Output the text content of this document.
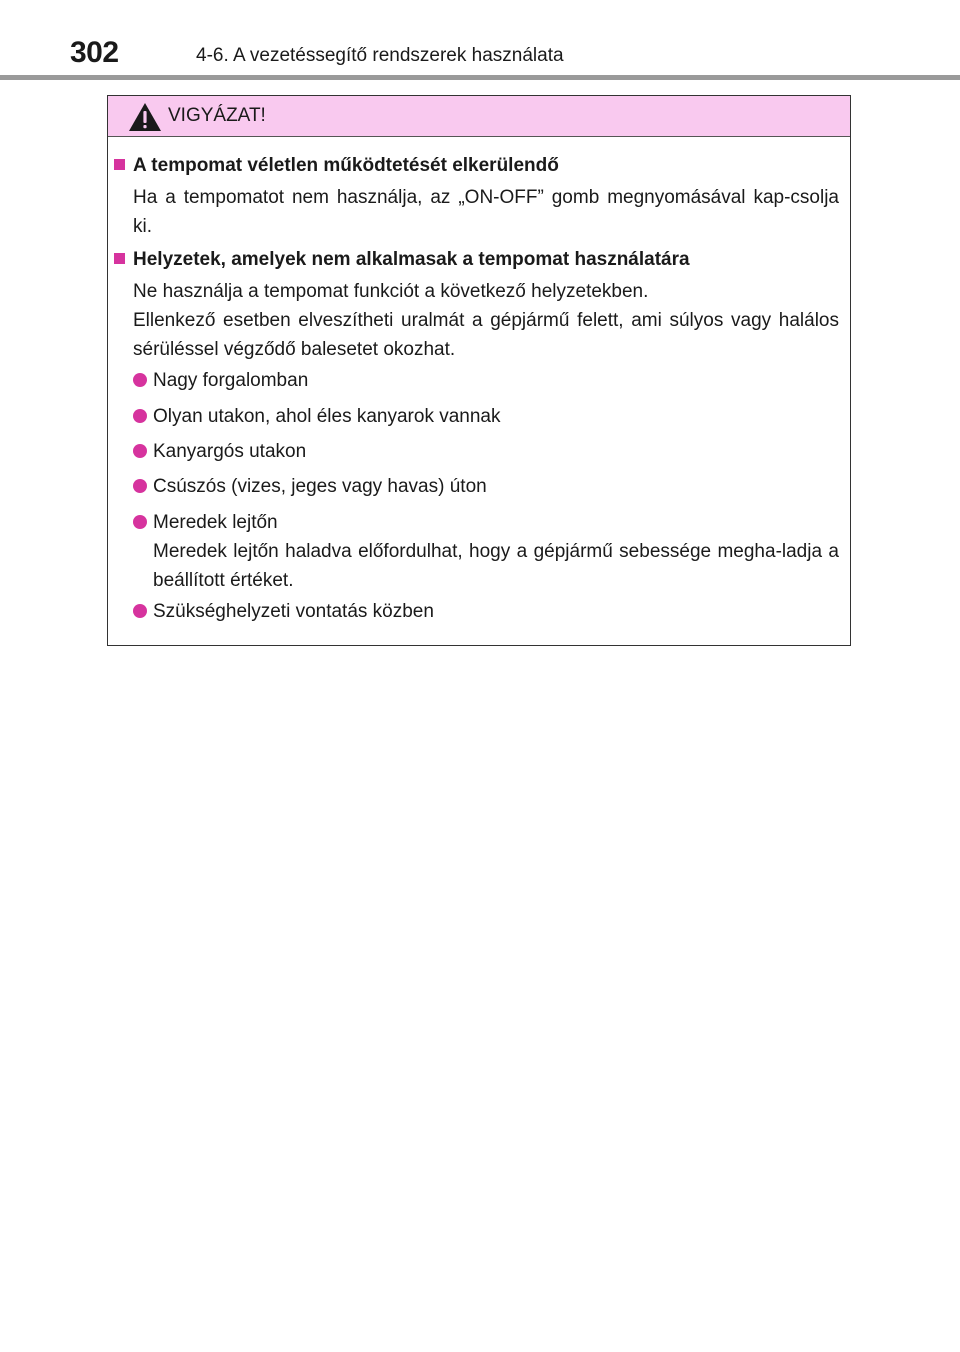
302	4-6. A vezetéssegítő rendszerek használata
VIGYÁZAT!
A tempomat véletlen működtetését elkerülendő
Ha a tempomatot nem használja, az „ON-OFF” gomb megnyomásával kap-csolja ki.
Helyzetek, amelyek nem alkalmasak a tempomat használatára
Ne használja a tempomat funkciót a következő helyzetekben.
Ellenkező esetben elveszítheti uralmát a gépjármű felett, ami súlyos vagy halálos sérüléssel végződő balesetet okozhat.
Nagy forgalomban
Olyan utakon, ahol éles kanyarok vannak
Kanyargós utakon
Csúszós (vizes, jeges vagy havas) úton
Meredek lejtőn
Meredek lejtőn haladva előfordulhat, hogy a gépjármű sebessége megha-ladja a beállított értéket.
Szükséghelyzeti vontatás közben
